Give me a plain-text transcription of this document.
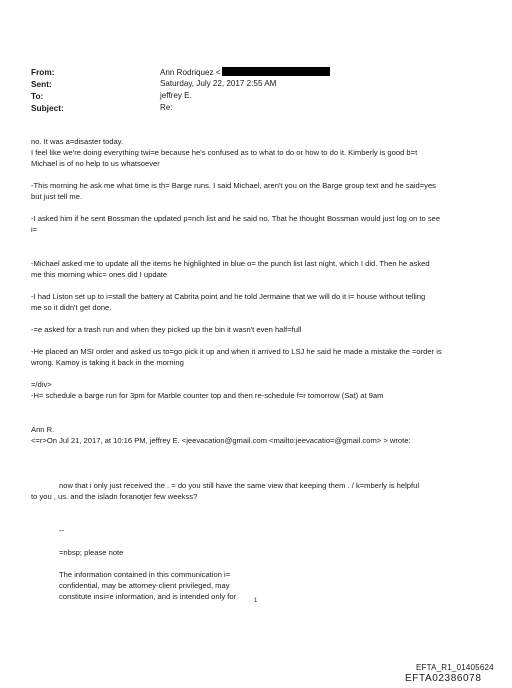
From:	Ann Rodriquez <
Sent:	Saturday, July 22, 2017 2:55 AM
To:	jeffrey E.
Subject:	Re:
no. It was a=disaster today.
I feel like we're doing everything twi=e because he's confused as to what to do or how to do it. Kimberly is good b=t
Michael is of no help to us whatsoever
-This morning he ask me what time is th= Barge runs. I said Michael, aren't you on the Barge group text and he said=yes
but just tell me.
-I asked him if he sent Bossman the updated p=nch list and he said no. That he thought Bossman would just log on to see
i=
-Michael asked me to update all the items he highlighted in blue o= the punch list last night, which I did. Then he asked
me this morning whic= ones did I update
-I had Liston set up to i=stall the battery at Cabrita point and he told Jermaine that we will do it i= house without telling
me so it didn't get done.
-=e asked for a trash run and when they picked up the bin it wasn't even half=full
-He placed an MSI order and asked us to=go pick it up and when it arrived to LSJ he said he made a mistake the =order is
wrong. Kamoy is taking it back in the morning
=/div>
-H= schedule a barge run for 3pm for Marble counter top and then re-schedule f=r tomorrow (Sat) at 9am
Ann R.
<=r>On Jul 21, 2017, at 10:16 PM, jeffrey E. <jeevacation@gmail.com <mailto:jeevacatio=@gmail.com> > wrote:
now that i only just received the . = do you still have the same view that keeping them . / k=mberly is helpful
to you , us. and the isladn foranotjer few weekss?
--
=nbsp; please note
The information contained in this communication i=
confidential, may be attorney-client privileged, may
constitute insi=e information, and is intended only for	1
EFTA_R1_01405624
EFTA02386078
